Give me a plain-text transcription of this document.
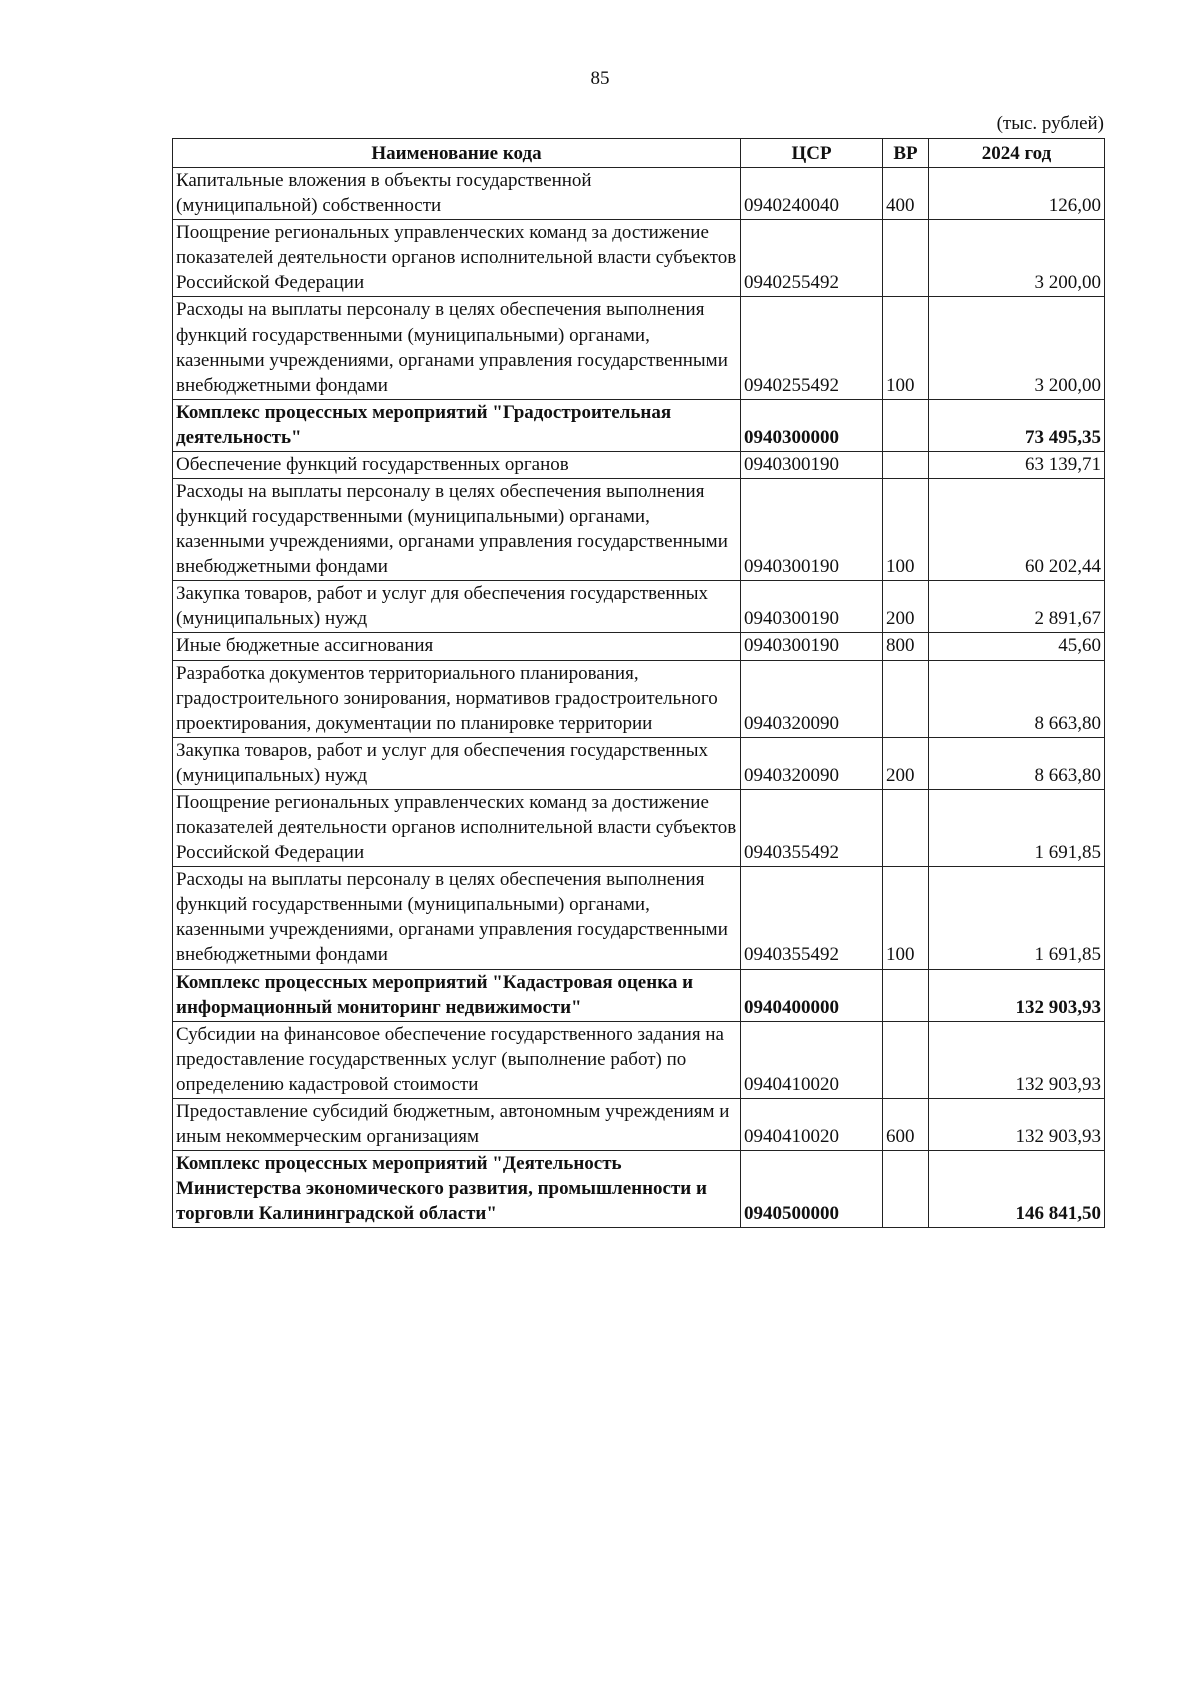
85
(тыс. рублей)
Наименование кода	ЦСР	ВР	2024 год
Капитальные вложения в объекты государственной (муниципальной) собственности	0940240040	400	126,00
Поощрение региональных управленческих команд за достижение показателей деятельности органов исполнительной власти субъектов Российской Федерации	0940255492		3 200,00
Расходы на выплаты персоналу в целях обеспечения выполнения функций государственными (муниципальными) органами, казенными учреждениями, органами управления государственными внебюджетными фондами	0940255492	100	3 200,00
Комплекс процессных мероприятий "Градостроительная деятельность"	0940300000		73 495,35
Обеспечение функций государственных органов	0940300190		63 139,71
Расходы на выплаты персоналу в целях обеспечения выполнения функций государственными (муниципальными) органами, казенными учреждениями, органами управления государственными внебюджетными фондами	0940300190	100	60 202,44
Закупка товаров, работ и услуг для обеспечения государственных (муниципальных) нужд	0940300190	200	2 891,67
Иные бюджетные ассигнования	0940300190	800	45,60
Разработка документов территориального планирования, градостроительного зонирования, нормативов градостроительного проектирования, документации по планировке территории	0940320090		8 663,80
Закупка товаров, работ и услуг для обеспечения государственных (муниципальных) нужд	0940320090	200	8 663,80
Поощрение региональных управленческих команд за достижение показателей деятельности органов исполнительной власти субъектов Российской Федерации	0940355492		1 691,85
Расходы на выплаты персоналу в целях обеспечения выполнения функций государственными (муниципальными) органами, казенными учреждениями, органами управления государственными внебюджетными фондами	0940355492	100	1 691,85
Комплекс процессных мероприятий "Кадастровая оценка и информационный мониторинг недвижимости"	0940400000		132 903,93
Субсидии на финансовое обеспечение государственного задания на предоставление государственных услуг (выполнение работ) по определению кадастровой стоимости	0940410020		132 903,93
Предоставление субсидий бюджетным, автономным учреждениям и иным некоммерческим организациям	0940410020	600	132 903,93
Комплекс процессных мероприятий "Деятельность Министерства экономического развития, промышленности и торговли Калининградской области"	0940500000		146 841,50
